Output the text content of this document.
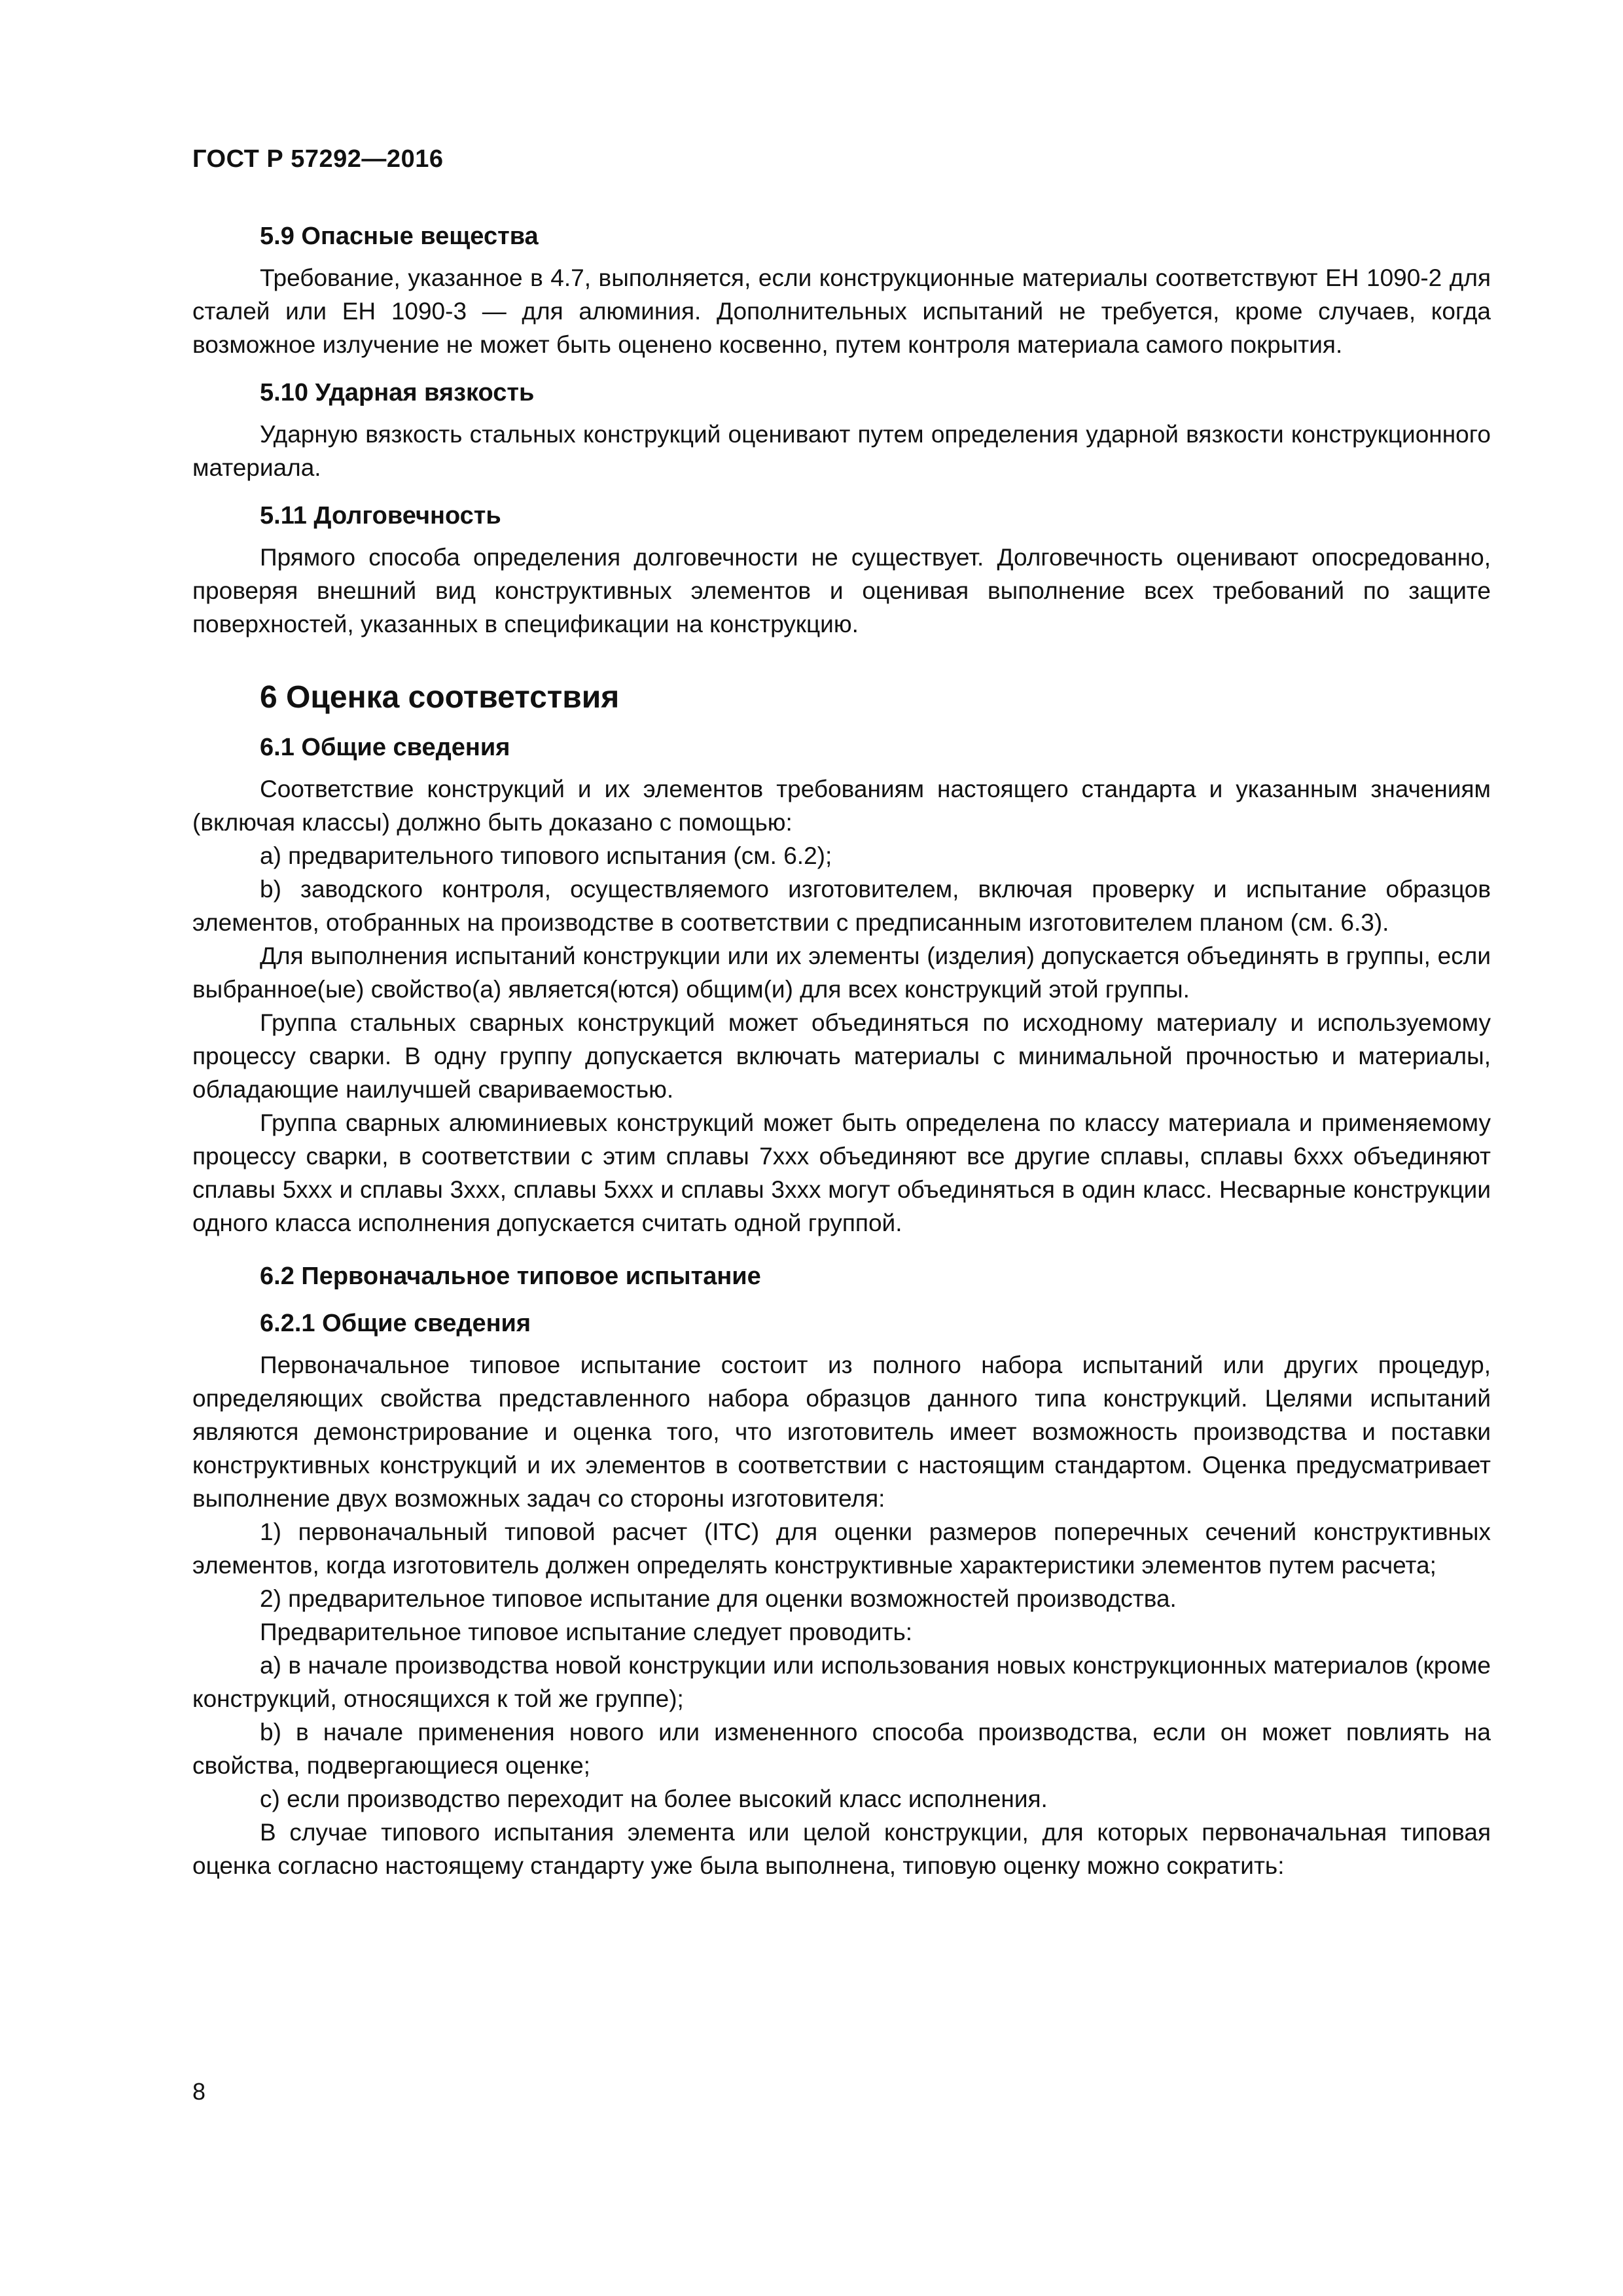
ГОСТ Р 57292—2016

5.9 Опасные вещества

Требование, указанное в 4.7, выполняется, если конструкционные материалы соответствуют ЕН 1090-2 для сталей или ЕН 1090-3 — для алюминия. Дополнительных испытаний не требуется, кроме случаев, когда возможное излучение не может быть оценено косвенно, путем контроля материала самого покрытия.

5.10 Ударная вязкость

Ударную вязкость стальных конструкций оценивают путем определения ударной вязкости конструкционного материала.

5.11 Долговечность

Прямого способа определения долговечности не существует. Долговечность оценивают опосредованно, проверяя внешний вид конструктивных элементов и оценивая выполнение всех требований по защите поверхностей, указанных в спецификации на конструкцию.

6 Оценка соответствия

6.1 Общие сведения

Соответствие конструкций и их элементов требованиям настоящего стандарта и указанным значениям (включая классы) должно быть доказано с помощью:

a) предварительного типового испытания (см. 6.2);

b) заводского контроля, осуществляемого изготовителем, включая проверку и испытание образцов элементов, отобранных на производстве в соответствии с предписанным изготовителем планом (см. 6.3).

Для выполнения испытаний конструкции или их элементы (изделия) допускается объединять в группы, если выбранное(ые) свойство(а) является(ются) общим(и) для всех конструкций этой группы.

Группа стальных сварных конструкций может объединяться по исходному материалу и используемому процессу сварки. В одну группу допускается включать материалы с минимальной прочностью и материалы, обладающие наилучшей свариваемостью.

Группа сварных алюминиевых конструкций может быть определена по классу материала и применяемому процессу сварки, в соответствии с этим сплавы 7xxx объединяют все другие сплавы, сплавы 6xxx объединяют сплавы 5xxx и сплавы 3xxx, сплавы 5xxx и сплавы 3xxx могут объединяться в один класс. Несварные конструкции одного класса исполнения допускается считать одной группой.

6.2 Первоначальное типовое испытание

6.2.1 Общие сведения

Первоначальное типовое испытание состоит из полного набора испытаний или других процедур, определяющих свойства представленного набора образцов данного типа конструкций. Целями испытаний являются демонстрирование и оценка того, что изготовитель имеет возможность производства и поставки конструктивных конструкций и их элементов в соответствии с настоящим стандартом. Оценка предусматривает выполнение двух возможных задач со стороны изготовителя:

1) первоначальный типовой расчет (ITC) для оценки размеров поперечных сечений конструктивных элементов, когда изготовитель должен определять конструктивные характеристики элементов путем расчета;

2) предварительное типовое испытание для оценки возможностей производства.

Предварительное типовое испытание следует проводить:

a) в начале производства новой конструкции или использования новых конструкционных материалов (кроме конструкций, относящихся к той же группе);

b) в начале применения нового или измененного способа производства, если он может повлиять на свойства, подвергающиеся оценке;

c) если производство переходит на более высокий класс исполнения.

В случае типового испытания элемента или целой конструкции, для которых первоначальная типовая оценка согласно настоящему стандарту уже была выполнена, типовую оценку можно сократить:

8
